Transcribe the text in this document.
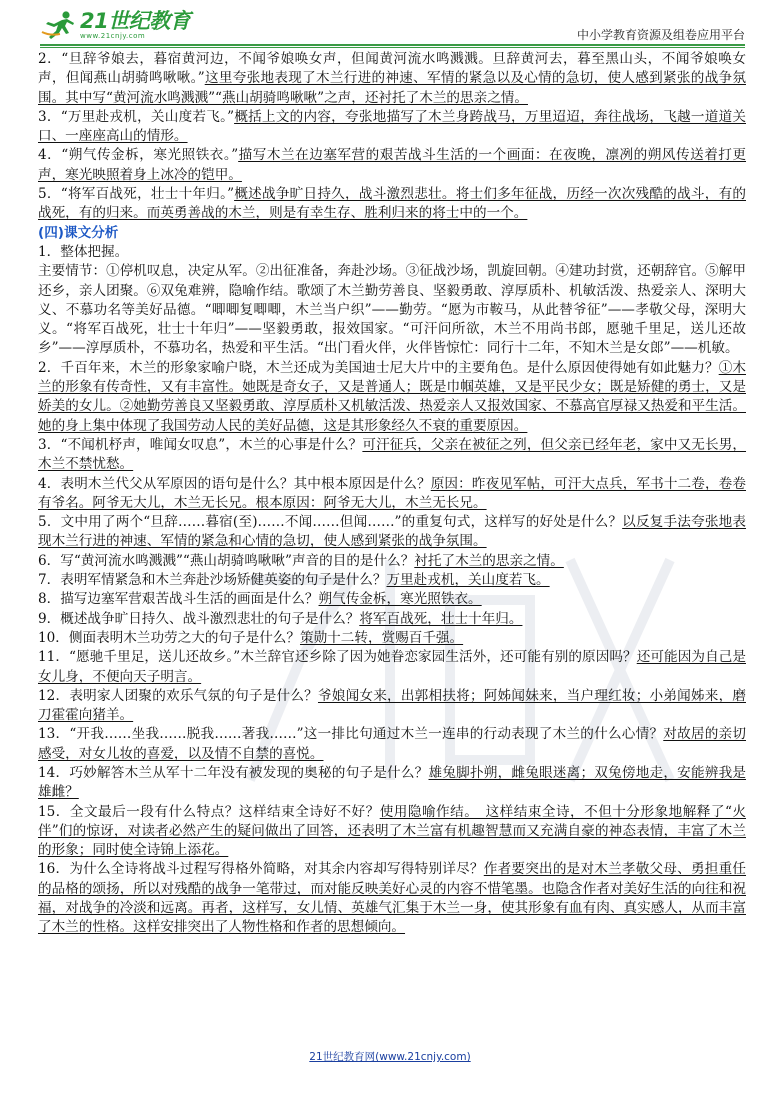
21世纪教育
www.21cnjy.com	中小学教育资源及组卷应用平台

2．“旦辞爷娘去，暮宿黄河边，不闻爷娘唤女声，但闻黄河流水鸣溅溅。旦辞黄河去，暮至黑山头，不闻爷娘唤女声，但闻燕山胡骑鸣啾啾。”这里夸张地表现了木兰行进的神速、军情的紧急以及心情的急切，使人感到紧张的战争氛围。其中写“黄河流水鸣溅溅”“燕山胡骑鸣啾啾”之声，还衬托了木兰的思亲之情。

3．“万里赴戎机，关山度若飞。”概括上文的内容，夸张地描写了木兰身跨战马，万里迢迢，奔往战场，飞越一道道关口、一座座高山的情形。

4．“朔气传金柝，寒光照铁衣。”描写木兰在边塞军营的艰苦战斗生活的一个画面：在夜晚，凛冽的朔风传送着打更声，寒光映照着身上冰冷的铠甲。

5．“将军百战死，壮士十年归。”概述战争旷日持久，战斗激烈悲壮。将士们多年征战，历经一次次残酷的战斗，有的战死，有的归来。而英勇善战的木兰，则是有幸生存、胜利归来的将士中的一个。

(四)课文分析

1．整体把握。

主要情节：①停机叹息，决定从军。②出征准备，奔赴沙场。③征战沙场，凯旋回朝。④建功封赏，还朝辞官。⑤解甲还乡，亲人团聚。⑥双兔难辨，隐喻作结。歌颂了木兰勤劳善良、坚毅勇敢、淳厚质朴、机敏活泼、热爱亲人、深明大义、不慕功名等美好品德。“唧唧复唧唧，木兰当户织”——勤劳。“愿为市鞍马，从此替爷征”——孝敬父母，深明大义。“将军百战死，壮士十年归”——坚毅勇敢，报效国家。“可汗问所欲，木兰不用尚书郎，愿驰千里足，送儿还故乡”——淳厚质朴，不慕功名，热爱和平生活。“出门看火伴，火伴皆惊忙：同行十二年，不知木兰是女郎”——机敏。

2．千百年来，木兰的形象家喻户晓，木兰还成为美国迪士尼大片中的主要角色。是什么原因使得她有如此魅力？①木兰的形象有传奇性，又有丰富性。她既是奇女子，又是普通人；既是巾帼英雄，又是平民少女；既是矫健的勇士，又是娇美的女儿。②她勤劳善良又坚毅勇敢、淳厚质朴又机敏活泼、热爱亲人又报效国家、不慕高官厚禄又热爱和平生活。她的身上集中体现了我国劳动人民的美好品德，这是其形象经久不衰的重要原因。

3．“不闻机杼声，唯闻女叹息”，木兰的心事是什么？可汗征兵，父亲在被征之列，但父亲已经年老，家中又无长男，木兰不禁忧愁。

4．表明木兰代父从军原因的语句是什么？其中根本原因是什么？原因：昨夜见军帖，可汗大点兵，军书十二卷，卷卷有爷名。阿爷无大儿，木兰无长兄。根本原因：阿爷无大儿，木兰无长兄。

5．文中用了两个“旦辞……暮宿(至)……不闻……但闻……”的重复句式，这样写的好处是什么？以反复手法夸张地表现木兰行进的神速、军情的紧急和心情的急切，使人感到紧张的战争氛围。

6．写“黄河流水鸣溅溅”“燕山胡骑鸣啾啾”声音的目的是什么？衬托了木兰的思亲之情。

7．表明军情紧急和木兰奔赴沙场矫健英姿的句子是什么？万里赴戎机，关山度若飞。

8．描写边塞军营艰苦战斗生活的画面是什么？朔气传金柝，寒光照铁衣。

9．概述战争旷日持久、战斗激烈悲壮的句子是什么？将军百战死，壮士十年归。

10．侧面表明木兰功劳之大的句子是什么？策勋十二转，赏赐百千强。

11．“愿驰千里足，送儿还故乡。”木兰辞官还乡除了因为她眷恋家园生活外，还可能有别的原因吗？还可能因为自己是女儿身，不便向天子明言。

12．表明家人团聚的欢乐气氛的句子是什么？爷娘闻女来，出郭相扶将；阿姊闻妹来，当户理红妆；小弟闻姊来，磨刀霍霍向猪羊。

13．“开我……坐我……脱我……著我……”这一排比句通过木兰一连串的行动表现了木兰的什么心情？对故居的亲切感受，对女儿妆的喜爱，以及情不自禁的喜悦。

14．巧妙解答木兰从军十二年没有被发现的奥秘的句子是什么？雄兔脚扑朔，雌兔眼迷离；双兔傍地走，安能辨我是雄雌？

15．全文最后一段有什么特点？这样结束全诗好不好？使用隐喻作结。　这样结束全诗，不但十分形象地解释了“火伴”们的惊讶，对读者必然产生的疑问做出了回答，还表明了木兰富有机趣智慧而又充满自豪的神态表情，丰富了木兰的形象；同时使全诗锦上添花。

16．为什么全诗将战斗过程写得格外简略，对其余内容却写得特别详尽？作者要突出的是对木兰孝敬父母、勇担重任的品格的颂扬，所以对残酷的战争一笔带过，而对能反映美好心灵的内容不惜笔墨。也隐含作者对美好生活的向往和祝福，对战争的冷淡和远离。再者，这样写，女儿情、英雄气汇集于木兰一身，使其形象有血有肉、真实感人，从而丰富了木兰的性格。这样安排突出了人物性格和作者的思想倾向。

21世纪教育网(www.21cnjy.com)
